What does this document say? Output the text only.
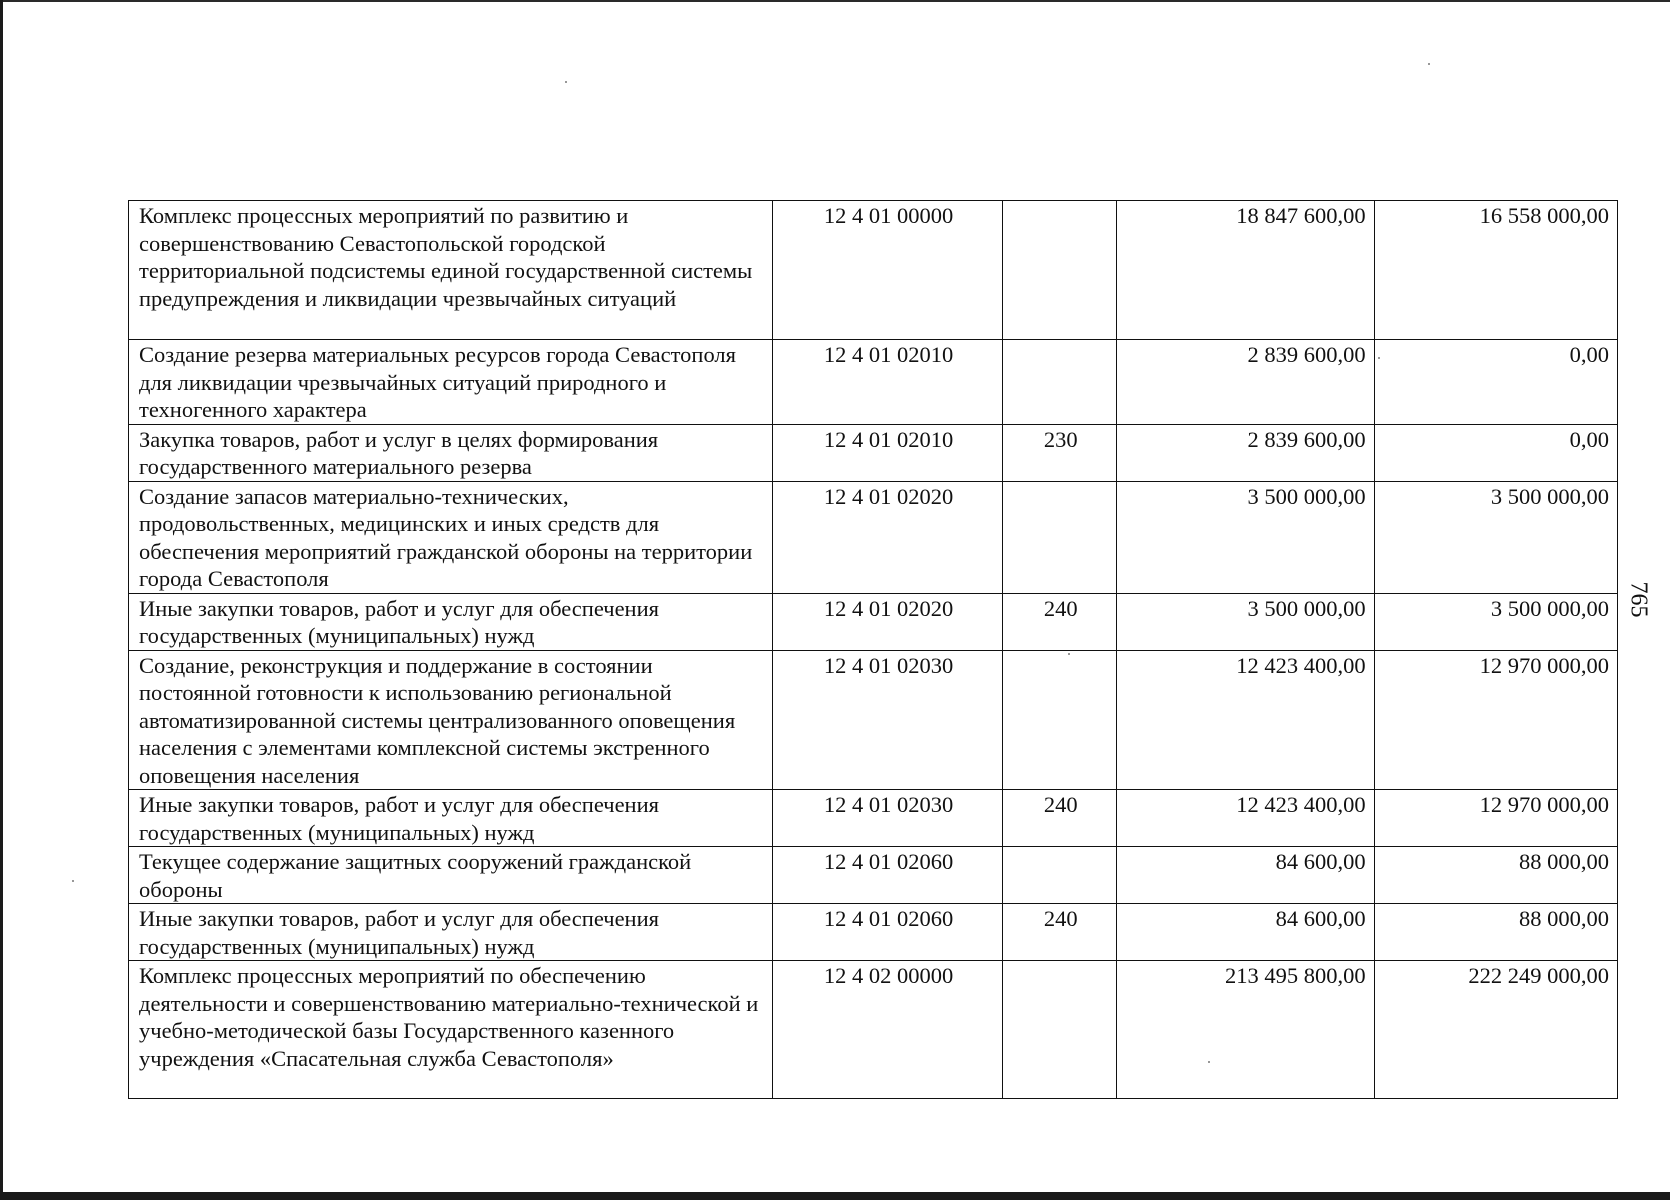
Комплекс процессных мероприятий по развитию и совершенствованию Севастопольской городской территориальной подсистемы единой государственной системы предупреждения и ликвидации чрезвычайных ситуаций	12 4 01 00000		18 847 600,00	16 558 000,00
Создание резерва материальных ресурсов города Севастополя для ликвидации чрезвычайных ситуаций природного и техногенного характера	12 4 01 02010		2 839 600,00	0,00
Закупка товаров, работ и услуг в целях формирования государственного материального резерва	12 4 01 02010	230	2 839 600,00	0,00
Создание запасов материально-технических, продовольственных, медицинских и иных средств для обеспечения мероприятий гражданской обороны на территории города Севастополя	12 4 01 02020		3 500 000,00	3 500 000,00
Иные закупки товаров, работ и услуг для обеспечения государственных (муниципальных) нужд	12 4 01 02020	240	3 500 000,00	3 500 000,00
Создание, реконструкция и поддержание в состоянии постоянной готовности к использованию региональной автоматизированной системы централизованного оповещения населения с элементами комплексной системы экстренного оповещения населения	12 4 01 02030		12 423 400,00	12 970 000,00
Иные закупки товаров, работ и услуг для обеспечения государственных (муниципальных) нужд	12 4 01 02030	240	12 423 400,00	12 970 000,00
Текущее содержание защитных сооружений гражданской обороны	12 4 01 02060		84 600,00	88 000,00
Иные закупки товаров, работ и услуг для обеспечения государственных (муниципальных) нужд	12 4 01 02060	240	84 600,00	88 000,00
Комплекс процессных мероприятий по обеспечению деятельности и совершенствованию материально-технической и учебно-методической базы Государственного казенного учреждения «Спасательная служба Севастополя»	12 4 02 00000		213 495 800,00	222 249 000,00
765
